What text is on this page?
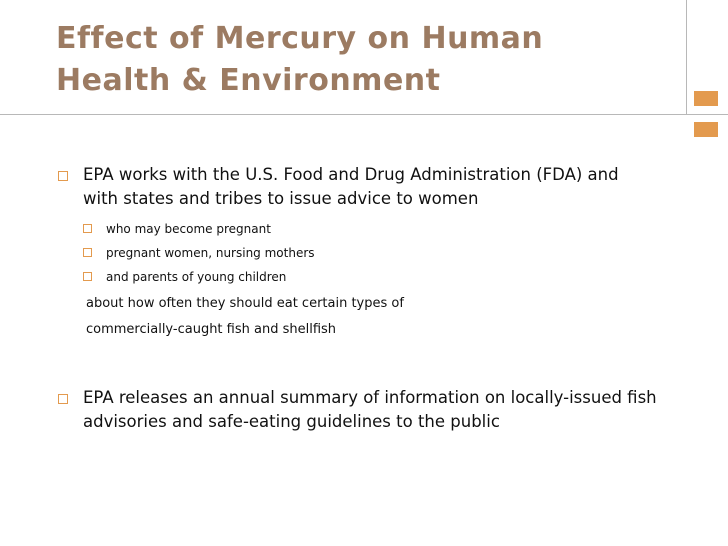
Effect of Mercury on Human
Health & Environment
EPA works with the U.S. Food and Drug Administration (FDA) and
with states and tribes to issue advice to women
who may become pregnant
pregnant women, nursing mothers
and parents of young children
about how often they should eat certain types of
commercially-caught fish and shellfish
EPA releases an annual summary of information on locally-issued fish
advisories and safe-eating guidelines to the public
